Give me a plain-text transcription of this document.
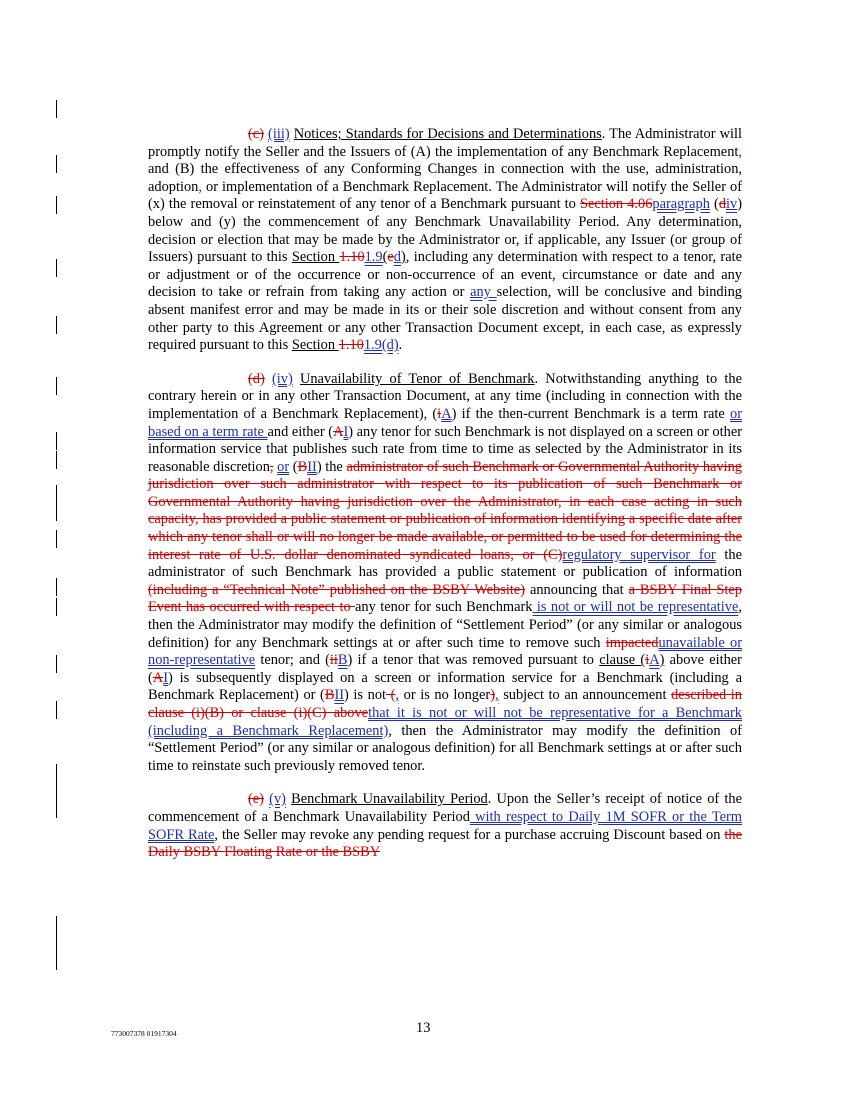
(c) (iii) Notices; Standards for Decisions and Determinations. The Administrator will promptly notify the Seller and the Issuers of (A) the implementation of any Benchmark Replacement, and (B) the effectiveness of any Conforming Changes in connection with the use, administration, adoption, or implementation of a Benchmark Replacement. The Administrator will notify the Seller of (x) the removal or reinstatement of any tenor of a Benchmark pursuant to Section 4.06paragraph (div) below and (y) the commencement of any Benchmark Unavailability Period. Any determination, decision or election that may be made by the Administrator or, if applicable, any Issuer (or group of Issuers) pursuant to this Section 1.101.9(ed), including any determination with respect to a tenor, rate or adjustment or of the occurrence or non-occurrence of an event, circumstance or date and any decision to take or refrain from taking any action or any selection, will be conclusive and binding absent manifest error and may be made in its or their sole discretion and without consent from any other party to this Agreement or any other Transaction Document except, in each case, as expressly required pursuant to this Section 1.101.9(d).

(d) (iv) Unavailability of Tenor of Benchmark. Notwithstanding anything to the contrary herein or in any other Transaction Document, at any time (including in connection with the implementation of a Benchmark Replacement), (iA) if the then-current Benchmark is a term rate or based on a term rate and either (AI) any tenor for such Benchmark is not displayed on a screen or other information service that publishes such rate from time to time as selected by the Administrator in its reasonable discretion, or (BII) the administrator of such Benchmark or Governmental Authority having jurisdiction over such administrator with respect to its publication of such Benchmark or Governmental Authority having jurisdiction over the Administrator, in each case acting in such capacity, has provided a public statement or publication of information identifying a specific date after which any tenor shall or will no longer be made available, or permitted to be used for determining the interest rate of U.S. dollar denominated syndicated loans, or (C)regulatory supervisor for the administrator of such Benchmark has provided a public statement or publication of information (including a “Technical Note” published on the BSBY Website) announcing that a BSBY Final Step Event has occurred with respect to any tenor for such Benchmark is not or will not be representative, then the Administrator may modify the definition of “Settlement Period” (or any similar or analogous definition) for any Benchmark settings at or after such time to remove such impactedunavailable or non-representative tenor; and (iiB) if a tenor that was removed pursuant to clause (iA) above either (AI) is subsequently displayed on a screen or information service for a Benchmark (including a Benchmark Replacement) or (BII) is not (, or is no longer), subject to an announcement described in clause (i)(B) or clause (i)(C) abovethat it is not or will not be representative for a Benchmark (including a Benchmark Replacement), then the Administrator may modify the definition of “Settlement Period” (or any similar or analogous definition) for all Benchmark settings at or after such time to reinstate such previously removed tenor.

(e) (v) Benchmark Unavailability Period. Upon the Seller’s receipt of notice of the commencement of a Benchmark Unavailability Period with respect to Daily 1M SOFR or the Term SOFR Rate, the Seller may revoke any pending request for a purchase accruing Discount based on the Daily BSBY Floating Rate or the BSBY

773007378 01917304	13
